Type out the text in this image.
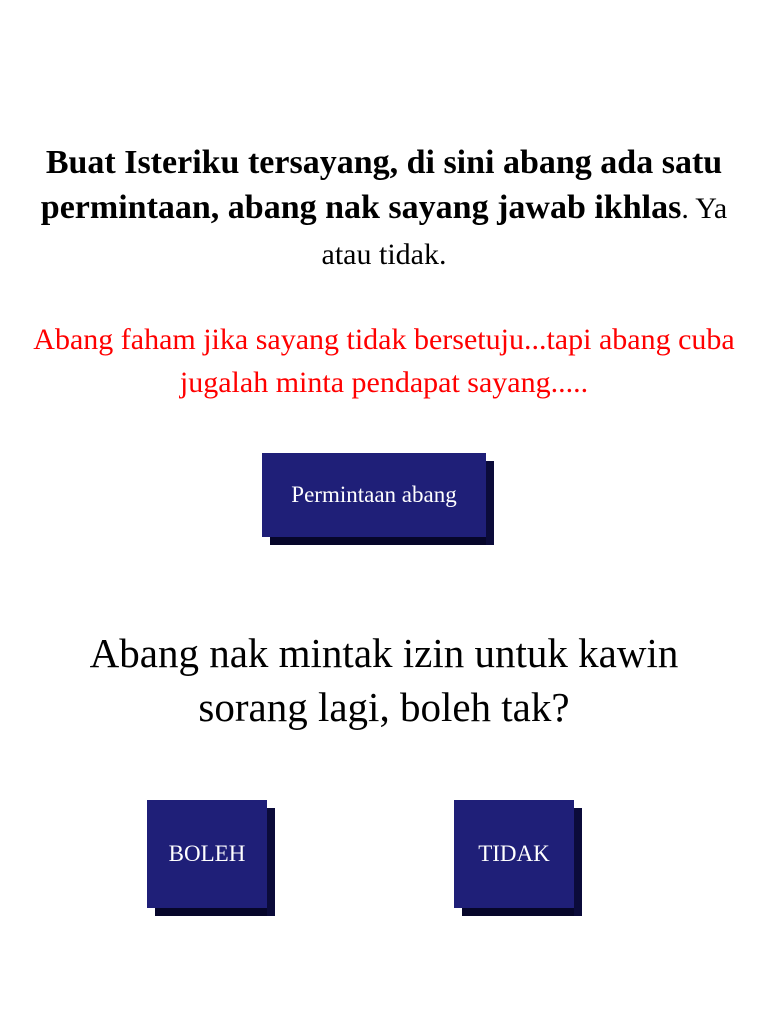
Buat Isteriku tersayang, di sini abang ada satu permintaan, abang nak sayang jawab ikhlas. Ya atau tidak.
Abang faham jika sayang tidak bersetuju...tapi abang cuba jugalah minta pendapat sayang.....
Permintaan abang
Abang nak mintak izin untuk kawin sorang lagi, boleh tak?
BOLEH	TIDAK
